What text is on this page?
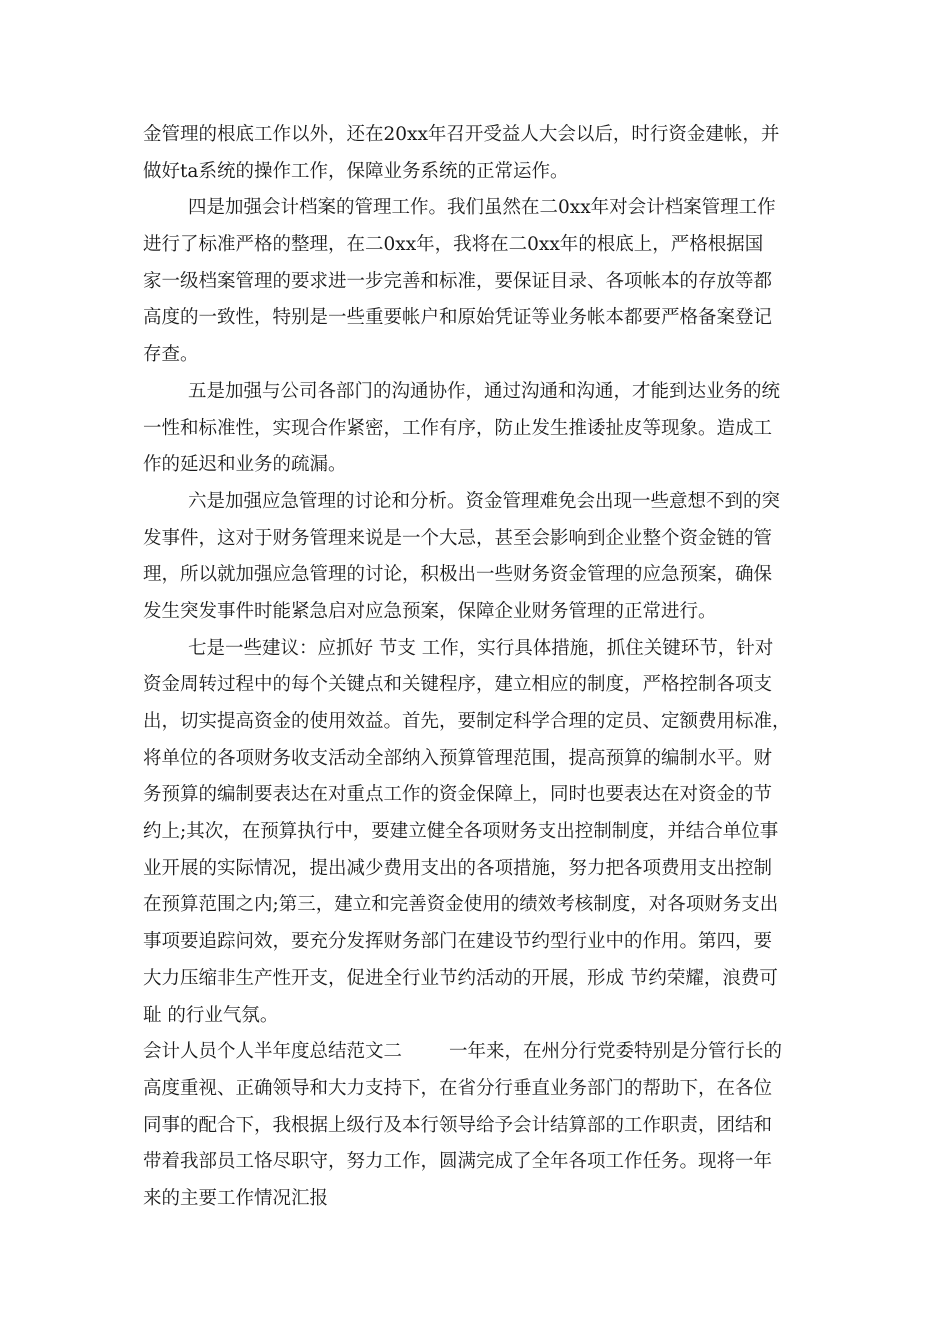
金管理的根底工作以外，还在20xx年召开受益人大会以后，时行资金建帐，并
做好ta系统的操作工作，保障业务系统的正常运作。
四是加强会计档案的管理工作。我们虽然在二0xx年对会计档案管理工作
进行了标准严格的整理，在二0xx年，我将在二0xx年的根底上，严格根据国
家一级档案管理的要求进一步完善和标准，要保证目录、各项帐本的存放等都
高度的一致性，特别是一些重要帐户和原始凭证等业务帐本都要严格备案登记
存查。
五是加强与公司各部门的沟通协作，通过沟通和沟通，才能到达业务的统
一性和标准性，实现合作紧密，工作有序，防止发生推诿扯皮等现象。造成工
作的延迟和业务的疏漏。
六是加强应急管理的讨论和分析。资金管理难免会出现一些意想不到的突
发事件，这对于财务管理来说是一个大忌，甚至会影响到企业整个资金链的管
理，所以就加强应急管理的讨论，积极出一些财务资金管理的应急预案，确保
发生突发事件时能紧急启对应急预案，保障企业财务管理的正常进行。
七是一些建议：应抓好 节支 工作，实行具体措施，抓住关键环节，针对
资金周转过程中的每个关键点和关键程序，建立相应的制度，严格控制各项支
出，切实提高资金的使用效益。首先，要制定科学合理的定员、定额费用标准，
将单位的各项财务收支活动全部纳入预算管理范围，提高预算的编制水平。财
务预算的编制要表达在对重点工作的资金保障上，同时也要表达在对资金的节
约上;其次，在预算执行中，要建立健全各项财务支出控制制度，并结合单位事
业开展的实际情况，提出减少费用支出的各项措施，努力把各项费用支出控制
在预算范围之内;第三，建立和完善资金使用的绩效考核制度，对各项财务支出
事项要追踪问效，要充分发挥财务部门在建设节约型行业中的作用。第四，要
大力压缩非生产性开支，促进全行业节约活动的开展，形成 节约荣耀，浪费可
耻 的行业气氛。
会计人员个人半年度总结范文二        一年来，在州分行党委特别是分管行长的
高度重视、正确领导和大力支持下，在省分行垂直业务部门的帮助下，在各位
同事的配合下，我根据上级行及本行领导给予会计结算部的工作职责，团结和
带着我部员工恪尽职守，努力工作，圆满完成了全年各项工作任务。现将一年
来的主要工作情况汇报
